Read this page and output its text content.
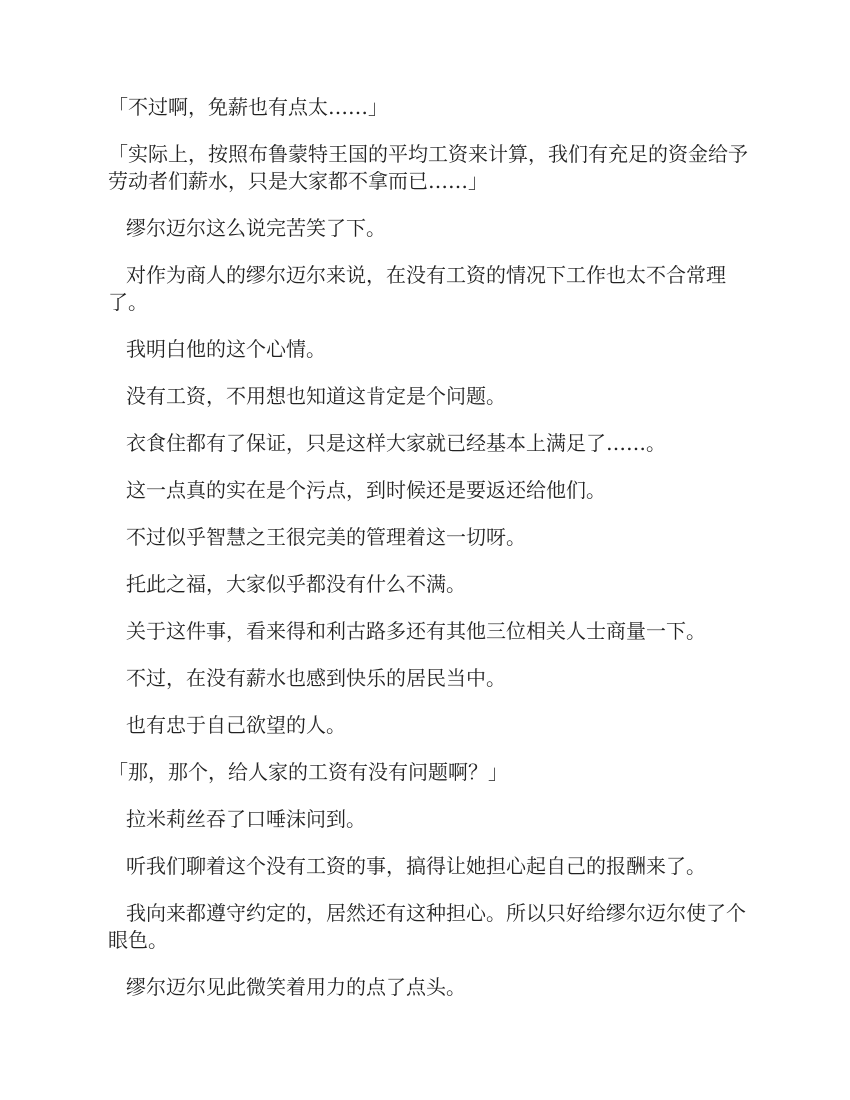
「不过啊，免薪也有点太……」

「实际上，按照布鲁蒙特王国的平均工资来计算，我们有充足的资金给予劳动者们薪水，只是大家都不拿而已……」

缪尔迈尔这么说完苦笑了下。

对作为商人的缪尔迈尔来说，在没有工资的情况下工作也太不合常理了。

我明白他的这个心情。

没有工资，不用想也知道这肯定是个问题。

衣食住都有了保证，只是这样大家就已经基本上满足了……。

这一点真的实在是个污点，到时候还是要返还给他们。

不过似乎智慧之王很完美的管理着这一切呀。

托此之福，大家似乎都没有什么不满。

关于这件事，看来得和利古路多还有其他三位相关人士商量一下。

不过，在没有薪水也感到快乐的居民当中。

也有忠于自己欲望的人。

「那，那个，给人家的工资有没有问题啊？」

拉米莉丝吞了口唾沫问到。

听我们聊着这个没有工资的事，搞得让她担心起自己的报酬来了。

我向来都遵守约定的，居然还有这种担心。所以只好给缪尔迈尔使了个眼色。

缪尔迈尔见此微笑着用力的点了点头。
